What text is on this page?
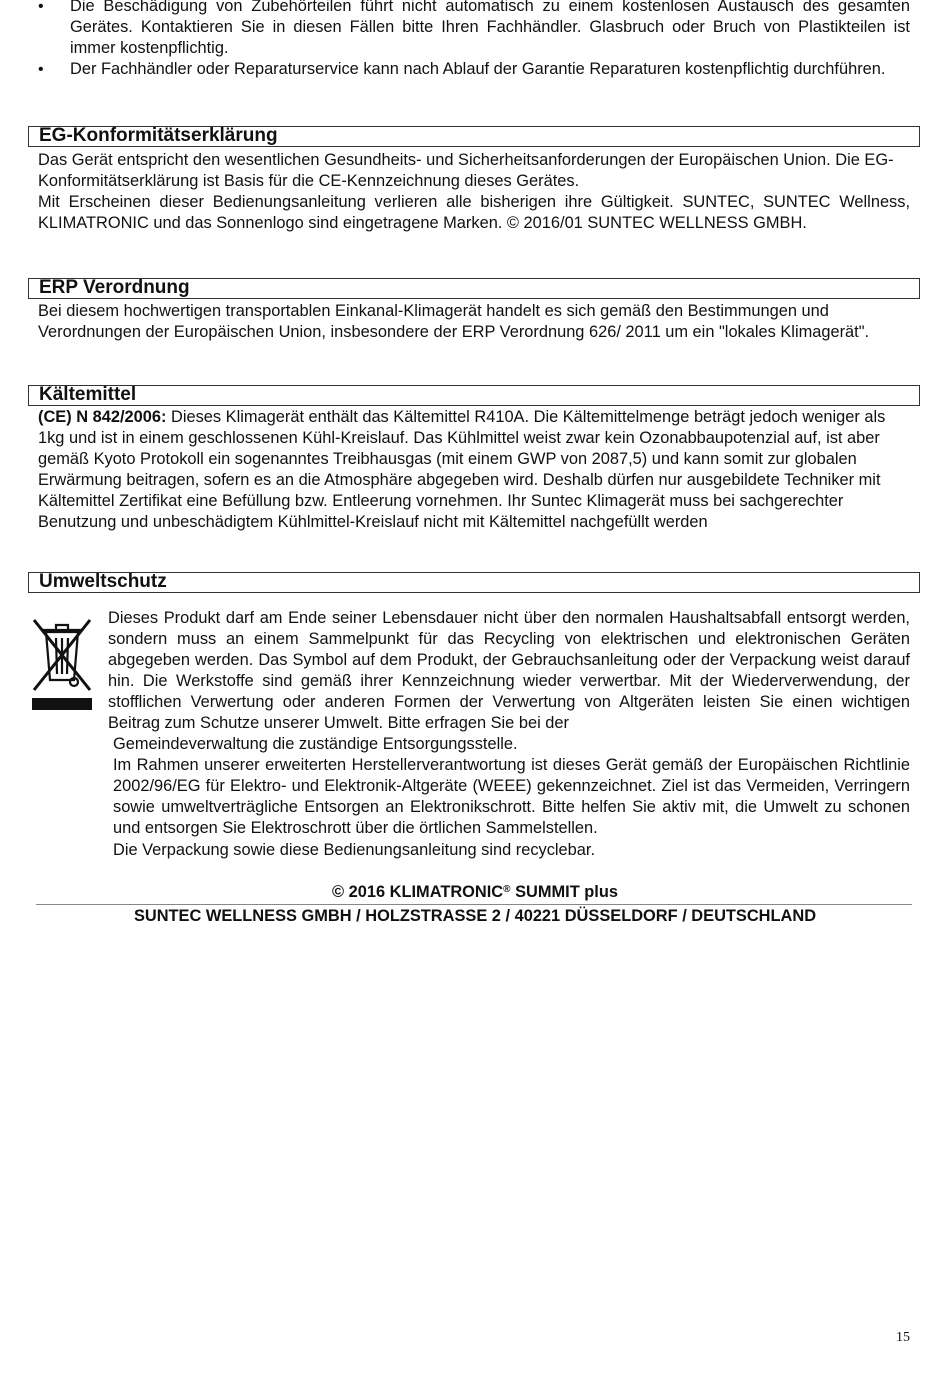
• Die Beschädigung von Zubehörteilen führt nicht automatisch zu einem kostenlosen Austausch des gesamten Gerätes. Kontaktieren Sie in diesen Fällen bitte Ihren Fachhändler. Glasbruch oder Bruch von Plastikteilen ist immer kostenpflichtig.
• Der Fachhändler oder Reparaturservice kann nach Ablauf der Garantie Reparaturen kostenpflichtig durchführen.
EG-Konformitätserklärung

Das Gerät entspricht den wesentlichen Gesundheits- und Sicherheitsanforderungen der Europäischen Union. Die EG-Konformitätserklärung ist Basis für die CE-Kennzeichnung dieses Gerätes.

Mit Erscheinen dieser Bedienungsanleitung verlieren alle bisherigen ihre Gültigkeit. SUNTEC, SUNTEC Wellness, KLIMATRONIC und das Sonnenlogo sind eingetragene Marken. © 2016/01 SUNTEC WELLNESS GMBH.

ERP Verordnung

Bei diesem hochwertigen transportablen Einkanal-Klimagerät handelt es sich gemäß den Bestimmungen und Verordnungen der Europäischen Union, insbesondere der ERP Verordnung 626/ 2011 um ein "lokales Klimagerät".

Kältemittel

(CE) N 842/2006: Dieses Klimagerät enthält das Kältemittel R410A. Die Kältemittelmenge beträgt jedoch weniger als 1kg und ist in einem geschlossenen Kühl-Kreislauf. Das Kühlmittel weist zwar kein Ozonabbaupotenzial auf, ist aber gemäß Kyoto Protokoll ein sogenanntes Treibhausgas (mit einem GWP von 2087,5) und kann somit zur globalen Erwärmung beitragen, sofern es an die Atmosphäre abgegeben wird. Deshalb dürfen nur ausgebildete Techniker mit Kältemittel Zertifikat eine Befüllung bzw. Entleerung vornehmen. Ihr Suntec Klimagerät muss bei sachgerechter Benutzung und unbeschädigtem Kühlmittel-Kreislauf nicht mit Kältemittel nachgefüllt werden

Umweltschutz

Dieses Produkt darf am Ende seiner Lebensdauer nicht über den normalen Haushaltsabfall entsorgt werden, sondern muss an einem Sammelpunkt für das Recycling von elektrischen und elektronischen Geräten abgegeben werden. Das Symbol auf dem Produkt, der Gebrauchsanleitung oder der Verpackung weist darauf hin. Die Werkstoffe sind gemäß ihrer Kennzeichnung wieder verwertbar. Mit der Wiederverwendung, der stofflichen Verwertung oder anderen Formen der Verwertung von Altgeräten leisten Sie einen wichtigen Beitrag zum Schutze unserer Umwelt. Bitte erfragen Sie bei der

Gemeindeverwaltung die zuständige Entsorgungsstelle.

Im Rahmen unserer erweiterten Herstellerverantwortung ist dieses Gerät gemäß der Europäischen Richtlinie 2002/96/EG für Elektro- und Elektronik-Altgeräte (WEEE) gekennzeichnet. Ziel ist das Vermeiden, Verringern sowie umweltverträgliche Entsorgen an Elektronikschrott. Bitte helfen Sie aktiv mit, die Umwelt zu schonen und entsorgen Sie Elektroschrott über die örtlichen Sammelstellen.

Die Verpackung sowie diese Bedienungsanleitung sind recyclebar.

© 2016 KLIMATRONIC® SUMMIT plus
SUNTEC WELLNESS GMBH / HOLZSTRASSE 2 / 40221 DÜSSELDORF / DEUTSCHLAND
15
